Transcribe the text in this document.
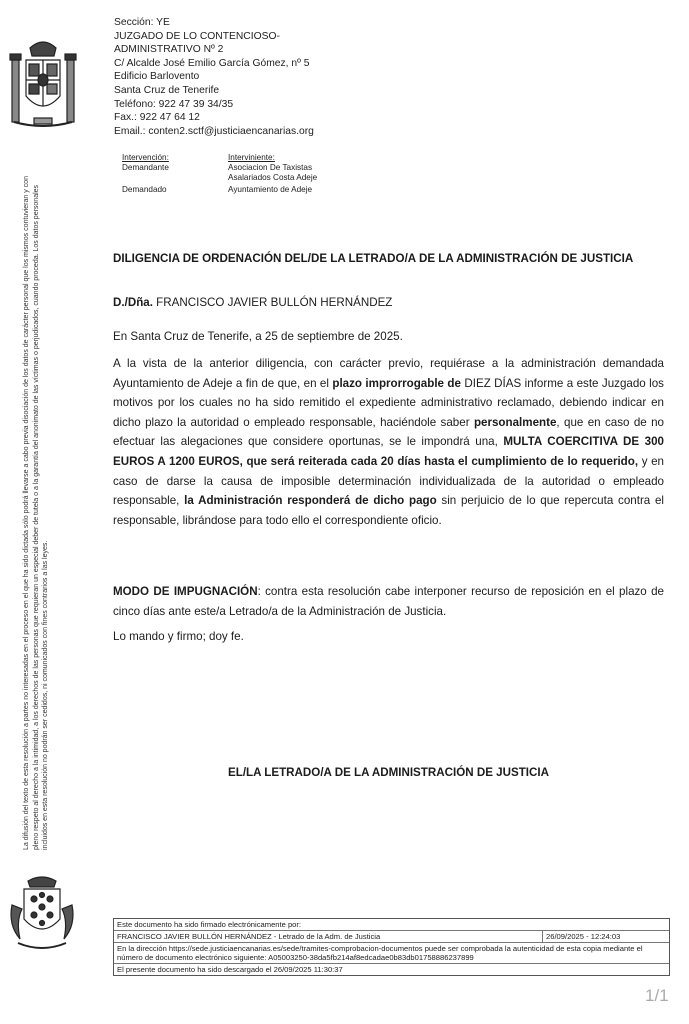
Sección: YE
JUZGADO DE LO CONTENCIOSO-
ADMINISTRATIVO Nº 2
C/ Alcalde José Emilio García Gómez, nº 5
Edificio Barlovento
Santa Cruz de Tenerife
Teléfono: 922 47 39 34/35
Fax.: 922 47 64 12
Email.: conten2.sctf@justiciaencanarias.org
Intervención:	Interviniente:
Demandante	Asociacion De Taxistas
Asalariados Costa Adeje
Demandado	Ayuntamiento de Adeje
La difusión del texto de esta resolución a partes no interesadas en el proceso en el que ha sido dictada sólo podrá llevarse a cabo previa disociación de los datos de carácter personal que los mismos contuvieran y con pleno respeto al derecho a la intimidad, a los derechos de las personas que requieran un especial deber de tutela o a la garantía del anonimato de las víctimas o perjudicados, cuando proceda. Los datos personales incluidos en esta resolución no podrán ser cedidos, ni comunicados con fines contrarios a las leyes.
DILIGENCIA DE ORDENACIÓN DEL/DE LA LETRADO/A DE LA ADMINISTRACIÓN DE JUSTICIA
D./Dña. FRANCISCO JAVIER BULLÓN HERNÁNDEZ
En Santa Cruz de Tenerife, a 25 de septiembre de 2025.
A la vista de la anterior diligencia, con carácter previo, requiérase a la administración demandada Ayuntamiento de Adeje a fin de que, en el plazo improrrogable de DIEZ DÍAS informe a este Juzgado los motivos por los cuales no ha sido remitido el expediente administrativo reclamado, debiendo indicar en dicho plazo la autoridad o empleado responsable, haciéndole saber personalmente, que en caso de no efectuar las alegaciones que considere oportunas, se le impondrá una, MULTA COERCITIVA DE 300 EUROS A 1200 EUROS, que será reiterada cada 20 días hasta el cumplimiento de lo requerido, y en caso de darse la causa de imposible determinación individualizada de la autoridad o empleado responsable, la Administración responderá de dicho pago sin perjuicio de lo que repercuta contra el responsable, librándose para todo ello el correspondiente oficio.
MODO DE IMPUGNACIÓN: contra esta resolución cabe interponer recurso de reposición en el plazo de cinco días ante este/a Letrado/a de la Administración de Justicia.
Lo mando y firmo; doy fe.
EL/LA LETRADO/A DE LA ADMINISTRACIÓN DE JUSTICIA
Este documento ha sido firmado electrónicamente por:
FRANCISCO JAVIER BULLÓN HERNÁNDEZ - Letrado de la Adm. de Justicia	26/09/2025 - 12:24:03
En la dirección https://sede.justiciaencanarias.es/sede/tramites-comprobacion-documentos puede ser comprobada la autenticidad de esta copia mediante el número de documento electrónico siguiente: A05003250-38da5fb214af8edcadae0b83db01758886237899
El presente documento ha sido descargado el 26/09/2025 11:30:37
1/1
